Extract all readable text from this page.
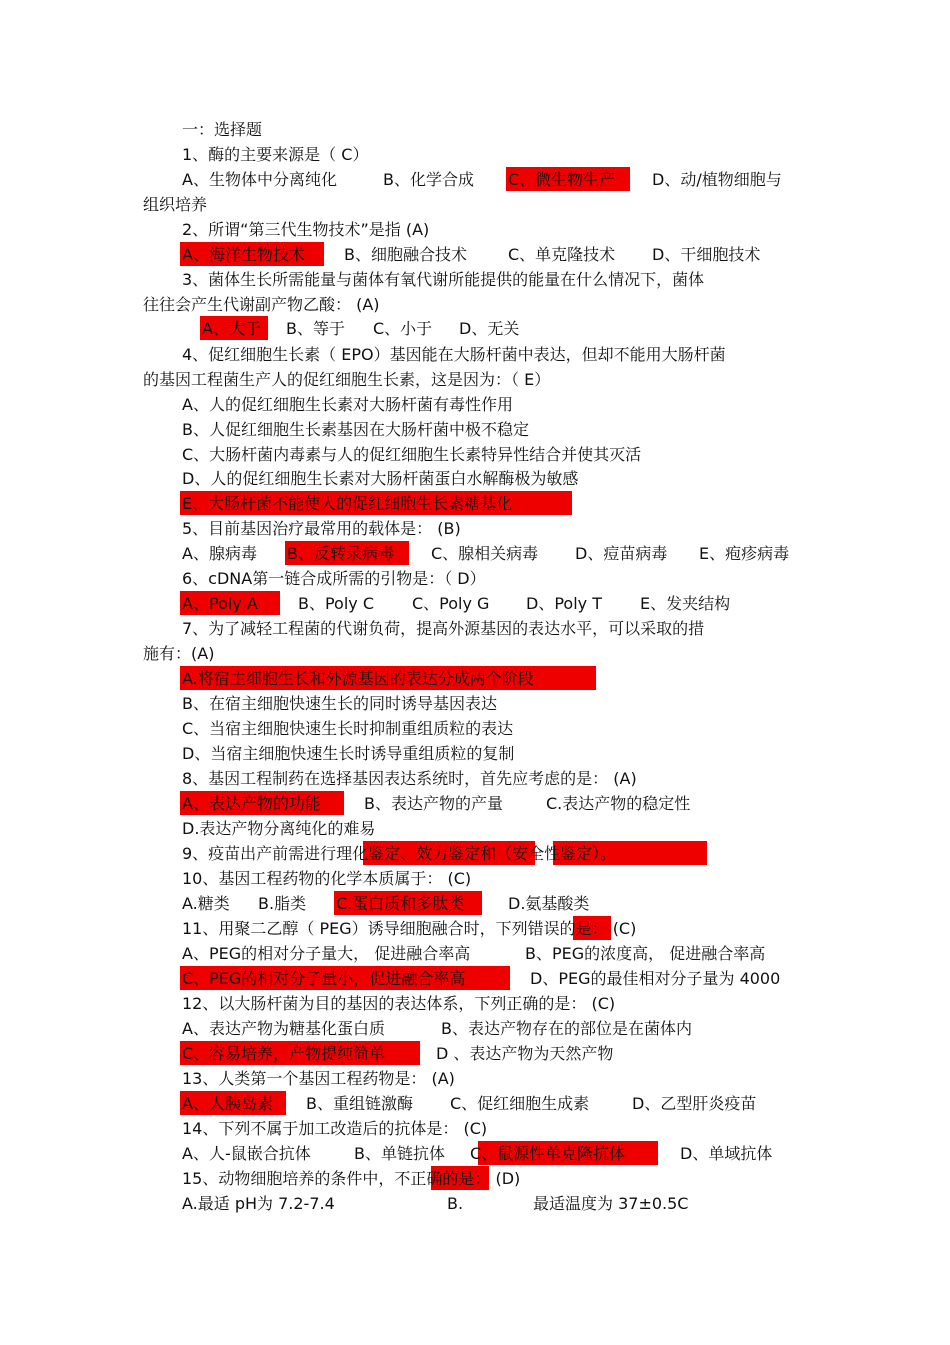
一：选择题
1、酶的主要来源是（ C）
A、生物体中分离纯化	B、化学合成 C、微生物生产 D、动/植物细胞与
组织培养
2、所谓“第三代生物技术”是指 (A)
A、海洋生物技术 B、细胞融合技术	C、单克隆技术 D、干细胞技术
3、菌体生长所需能量与菌体有氧代谢所能提供的能量在什么情况下，菌体
往往会产生代谢副产物乙酸： (A)
A、大于 B、等于 C、小于 D、无关
4、促红细胞生长素（ EPO）基因能在大肠杆菌中表达，但却不能用大肠杆菌
的基因工程菌生产人的促红细胞生长素，这是因为：（ E）
A、人的促红细胞生长素对大肠杆菌有毒性作用
B、人促红细胞生长素基因在大肠杆菌中极不稳定
C、大肠杆菌内毒素与人的促红细胞生长素特异性结合并使其灭活
D、人的促红细胞生长素对大肠杆菌蛋白水解酶极为敏感
E、大肠杆菌不能使人的促红细胞生长素糖基化
5、目前基因治疗最常用的载体是： (B)
A、腺病毒 B、反转录病毒 C、腺相关病毒 D、痘苗病毒 E、疱疹病毒
6、cDNA第一链合成所需的引物是：（ D）
A、Poly A	B、Poly C C、Poly G D、Poly T E、发夹结构
7、为了减轻工程菌的代谢负荷，提高外源基因的表达水平，可以采取的措
施有：(A)
A.将宿主细胞生长和外源基因的表达分成两个阶段
B、在宿主细胞快速生长的同时诱导基因表达
C、当宿主细胞快速生长时抑制重组质粒的表达
D、当宿主细胞快速生长时诱导重组质粒的复制
8、基因工程制药在选择基因表达系统时，首先应考虑的是： (A)
A、表达产物的功能	B、表达产物的产量	C.表达产物的稳定性
D.表达产物分离纯化的难易
9、疫苗出产前需进行理化鉴定、效力鉴定和（安全性鉴定）。
10、基因工程药物的化学本质属于： (C)
A.糖类 B.脂类 C.蛋白质和多肽类	D.氨基酸类
11、用聚二乙醇（ PEG）诱导细胞融合时，下列错误的是： (C)
A、PEG的相对分子量大， 促进融合率高	B、PEG的浓度高， 促进融合率高
C、PEG的相对分子量小，促进融合率高	D、PEG的最佳相对分子量为 4000
12、以大肠杆菌为目的基因的表达体系，下列正确的是： (C)
A、表达产物为糖基化蛋白质	B、表达产物存在的部位是在菌体内
C、容易培养，产物提纯简单	D 、表达产物为天然产物
13、人类第一个基因工程药物是： (A)
A、人胰岛素 B、重组链激酶 C、促红细胞生成素	D、乙型肝炎疫苗
14、下列不属于加工改造后的抗体是： (C)
A、人-鼠嵌合抗体	B、单链抗体 C、鼠源性单克隆抗体	D、单域抗体
15、动物细胞培养的条件中，不正确的是： (D)
A.最适 pH为 7.2-7.4	B.	最适温度为 37±0.5C
